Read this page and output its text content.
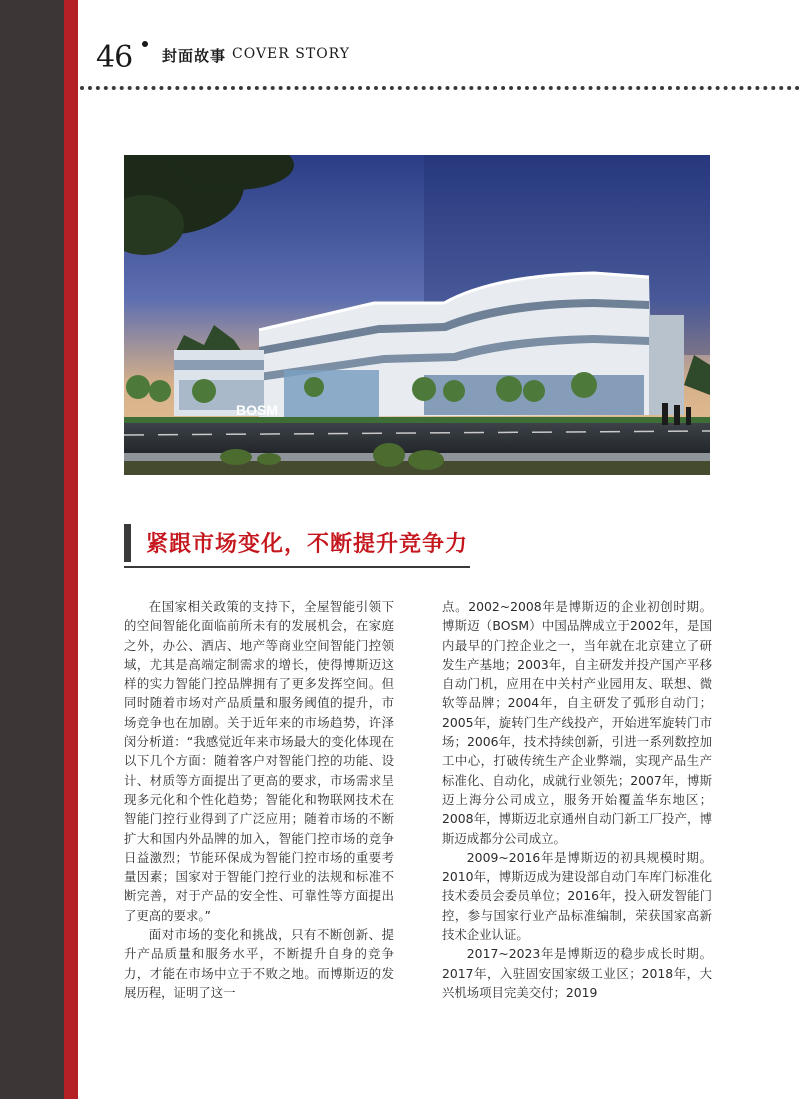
46 封面故事 COVER STORY
BOSM
紧跟市场变化，不断提升竞争力

在国家相关政策的支持下，全屋智能引领下的空间智能化面临前所未有的发展机会，在家庭之外，办公、酒店、地产等商业空间智能门控领域，尤其是高端定制需求的增长，使得博斯迈这样的实力智能门控品牌拥有了更多发挥空间。但同时随着市场对产品质量和服务阈值的提升，市场竞争也在加剧。关于近年来的市场趋势，许泽闵分析道：“我感觉近年来市场最大的变化体现在以下几个方面：随着客户对智能门控的功能、设计、材质等方面提出了更高的要求，市场需求呈现多元化和个性化趋势；智能化和物联网技术在智能门控行业得到了广泛应用；随着市场的不断扩大和国内外品牌的加入，智能门控市场的竞争日益激烈；节能环保成为智能门控市场的重要考量因素；国家对于智能门控行业的法规和标准不断完善，对于产品的安全性、可靠性等方面提出了更高的要求。”

面对市场的变化和挑战，只有不断创新、提升产品质量和服务水平，不断提升自身的竞争力，才能在市场中立于不败之地。而博斯迈的发展历程，证明了这一

点。2002~2008年是博斯迈的企业初创时期。博斯迈（BOSM）中国品牌成立于2002年，是国内最早的门控企业之一，当年就在北京建立了研发生产基地；2003年，自主研发并投产国产平移自动门机，应用在中关村产业园用友、联想、微软等品牌；2004年，自主研发了弧形自动门；2005年，旋转门生产线投产，开始进军旋转门市场；2006年，技术持续创新，引进一系列数控加工中心，打破传统生产企业弊端，实现产品生产标准化、自动化，成就行业领先；2007年，博斯迈上海分公司成立，服务开始覆盖华东地区；2008年，博斯迈北京通州自动门新工厂投产，博斯迈成都分公司成立。

2009~2016年是博斯迈的初具规模时期。2010年，博斯迈成为建设部自动门车库门标准化技术委员会委员单位；2016年，投入研发智能门控，参与国家行业产品标准编制，荣获国家高新技术企业认证。

2017~2023年是博斯迈的稳步成长时期。2017年，入驻固安国家级工业区；2018年，大兴机场项目完美交付；2019
